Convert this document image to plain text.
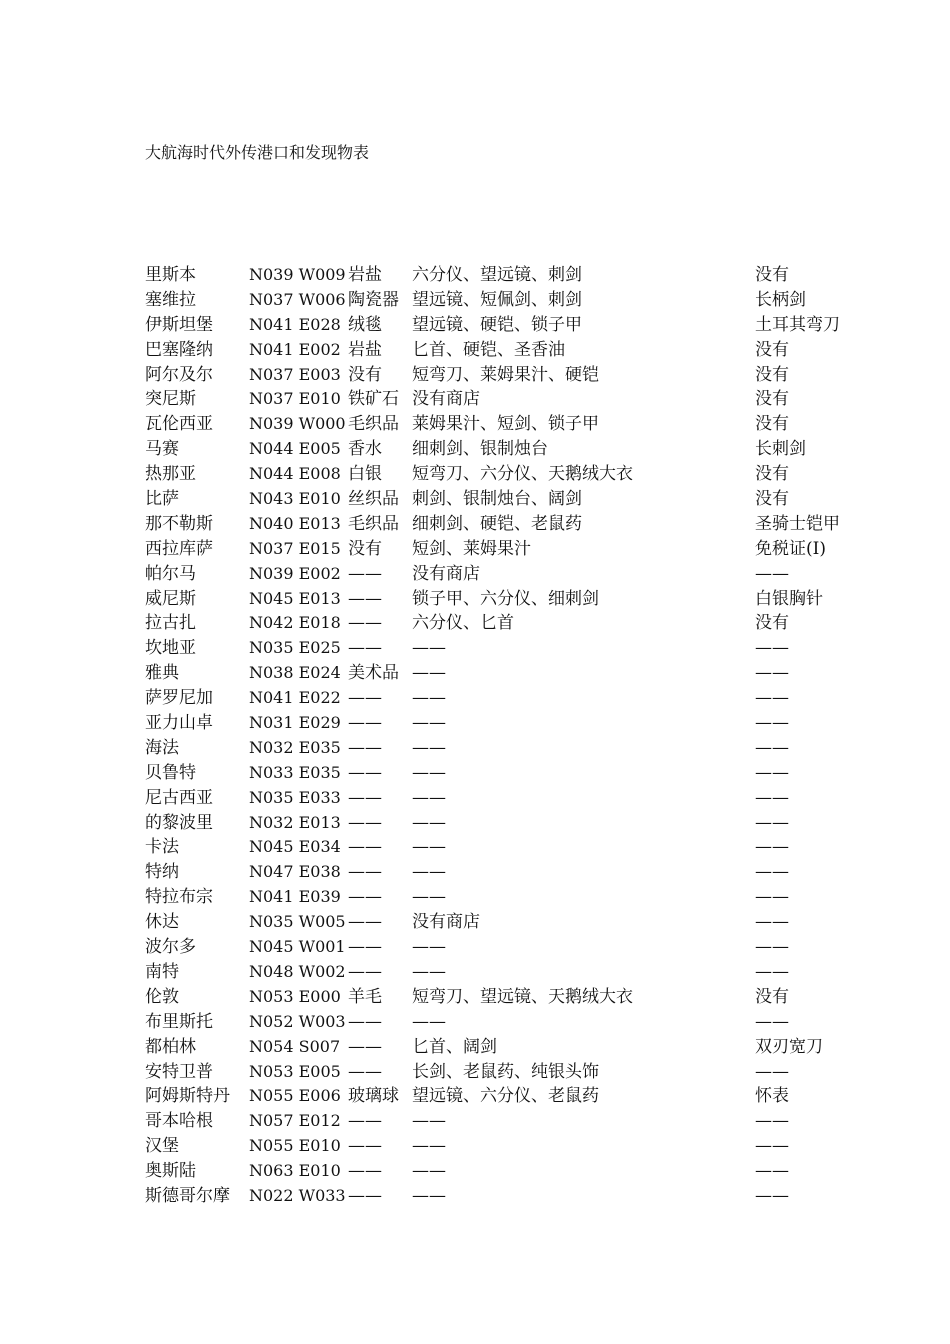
大航海时代外传港口和发现物表
里斯本	N039 W009 岩盐 六分仪、望远镜、刺剑	没有
塞维拉	N037 W006 陶瓷器 望远镜、短佩剑、刺剑	长柄剑
伊斯坦堡 N041 E028 绒毯 望远镜、硬铠、锁子甲	土耳其弯刀
巴塞隆纳 N041 E002 岩盐 匕首、硬铠、圣香油	没有
阿尔及尔 N037 E003 没有 短弯刀、莱姆果汁、硬铠	没有
突尼斯	N037 E010 铁矿石 没有商店	没有
瓦伦西亚 N039 W000 毛织品 莱姆果汁、短剑、锁子甲	没有
马赛	N044 E005 香水 细刺剑、银制烛台	长刺剑
热那亚	N044 E008 白银 短弯刀、六分仪、天鹅绒大衣	没有
比萨	N043 E010 丝织品 刺剑、银制烛台、阔剑	没有
那不勒斯 N040 E013 毛织品 细刺剑、硬铠、老鼠药	圣骑士铠甲
西拉库萨 N037 E015 没有 短剑、莱姆果汁	免税证(I)
帕尔马	N039 E002 —— 没有商店	——
威尼斯	N045 E013 —— 锁子甲、六分仪、细刺剑	白银胸针
拉古扎	N042 E018 —— 六分仪、匕首	没有
坎地亚	N035 E025 —— ——	——
雅典	N038 E024 美术品 ——	——
萨罗尼加 N041 E022 —— ——	——
亚力山卓 N031 E029 —— ——	——
海法	N032 E035 —— ——	——
贝鲁特	N033 E035 —— ——	——
尼古西亚 N035 E033 —— ——	——
的黎波里 N032 E013 —— ——	——
卡法	N045 E034 —— ——	——
特纳	N047 E038 —— ——	——
特拉布宗 N041 E039 —— ——	——
休达	N035 W005 —— 没有商店	——
波尔多	N045 W001 —— ——	——
南特	N048 W002 —— ——	——
伦敦	N053 E000 羊毛 短弯刀、望远镜、天鹅绒大衣	没有
布里斯托 N052 W003 —— ——	——
都柏林	N054 S007 —— 匕首、阔剑	双刃宽刀
安特卫普 N053 E005 —— 长剑、老鼠药、纯银头饰	——
阿姆斯特丹 N055 E006 玻璃球 望远镜、六分仪、老鼠药	怀表
哥本哈根 N057 E012 —— ——	——
汉堡	N055 E010 —— ——	——
奥斯陆	N063 E010 —— ——	——
斯德哥尔摩 N022 W033 —— ——	——
